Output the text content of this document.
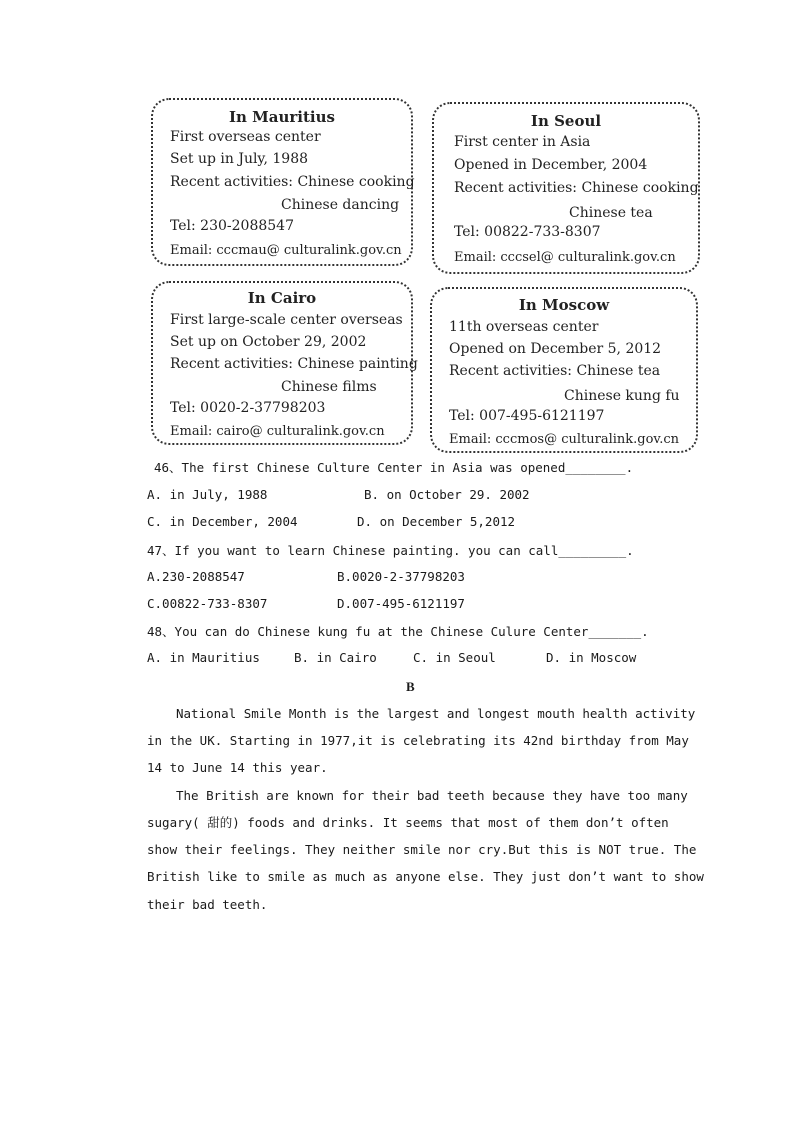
In Mauritius
First overseas center
Set up in July, 1988
Recent activities: Chinese cooking
Chinese dancing
Tel: 230-2088547
Email: cccmau@ culturalink.gov.cn
In Seoul
First center in Asia
Opened in December, 2004
Recent activities: Chinese cooking
Chinese tea
Tel: 00822-733-8307
Email: cccsel@ culturalink.gov.cn
In Cairo
First large-scale center overseas
Set up on October 29, 2002
Recent activities: Chinese painting
Chinese films
Tel: 0020-2-37798203
Email: cairo@ culturalink.gov.cn
In Moscow
11th overseas center
Opened on December 5, 2012
Recent activities: Chinese tea
Chinese kung fu
Tel: 007-495-6121197
Email: cccmos@ culturalink.gov.cn
46、The first Chinese Culture Center in Asia was opened________.
A. in July, 1988	B. on October 29. 2002
C. in December, 2004	D. on December 5,2012
47、If you want to learn Chinese painting. you can call_________.
A.230-2088547	B.0020-2-37798203
C.00822-733-8307	D.007-495-6121197
48、You can do Chinese kung fu at the Chinese Culure Center_______.
A. in Mauritius	B. in Cairo	C. in Seoul	D. in Moscow
B
National Smile Month is the largest and longest mouth health activity
in the UK. Starting in 1977,it is celebrating its 42nd birthday from May
14 to June 14 this year.
The British are known for their bad teeth because they have too many
sugary( 甜的) foods and drinks. It seems that most of them don’t often
show their feelings. They neither smile nor cry.But this is NOT true. The
British like to smile as much as anyone else. They just don’t want to show
their bad teeth.
